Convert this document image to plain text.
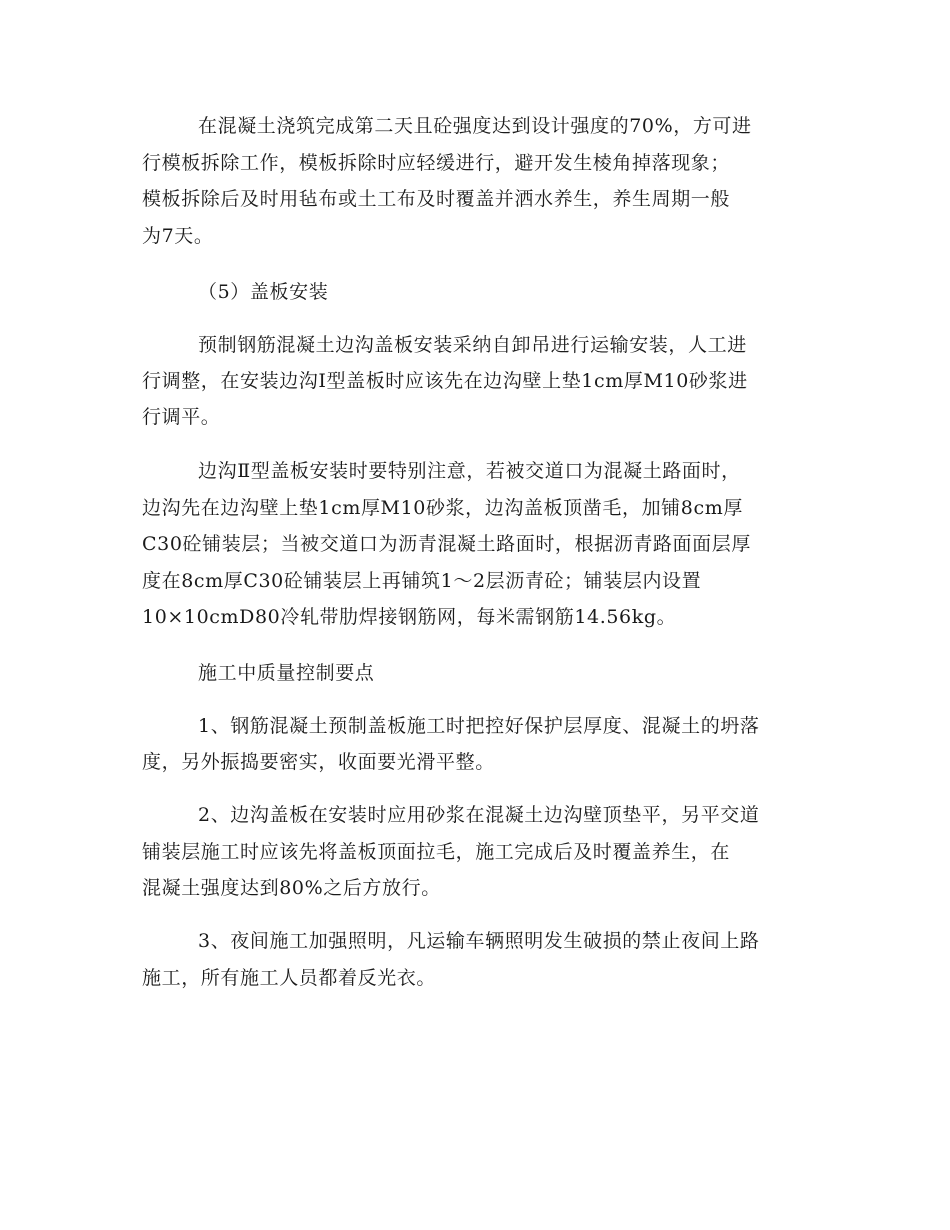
在混凝土浇筑完成第二天且砼强度达到设计强度的70%，方可进
行模板拆除工作，模板拆除时应轻缓进行，避开发生棱角掉落现象；
模板拆除后及时用毡布或土工布及时覆盖并洒水养生，养生周期一般
为7天。
（5）盖板安装
预制钢筋混凝土边沟盖板安装采纳自卸吊进行运输安装，人工进
行调整，在安装边沟Ⅰ型盖板时应该先在边沟壁上垫1cm厚M10砂浆进
行调平。
边沟Ⅱ型盖板安装时要特别注意，若被交道口为混凝土路面时，
边沟先在边沟壁上垫1cm厚M10砂浆，边沟盖板顶凿毛，加铺8cm厚
C30砼铺装层；当被交道口为沥青混凝土路面时，根据沥青路面面层厚
度在8cm厚C30砼铺装层上再铺筑1～2层沥青砼；铺装层内设置
10×10cmD80冷轧带肋焊接钢筋网，每米需钢筋14.56kg。
施工中质量控制要点
1、钢筋混凝土预制盖板施工时把控好保护层厚度、混凝土的坍落
度，另外振捣要密实，收面要光滑平整。
2、边沟盖板在安装时应用砂浆在混凝土边沟壁顶垫平，另平交道
铺装层施工时应该先将盖板顶面拉毛，施工完成后及时覆盖养生，在
混凝土强度达到80%之后方放行。
3、夜间施工加强照明，凡运输车辆照明发生破损的禁止夜间上路
施工，所有施工人员都着反光衣。
